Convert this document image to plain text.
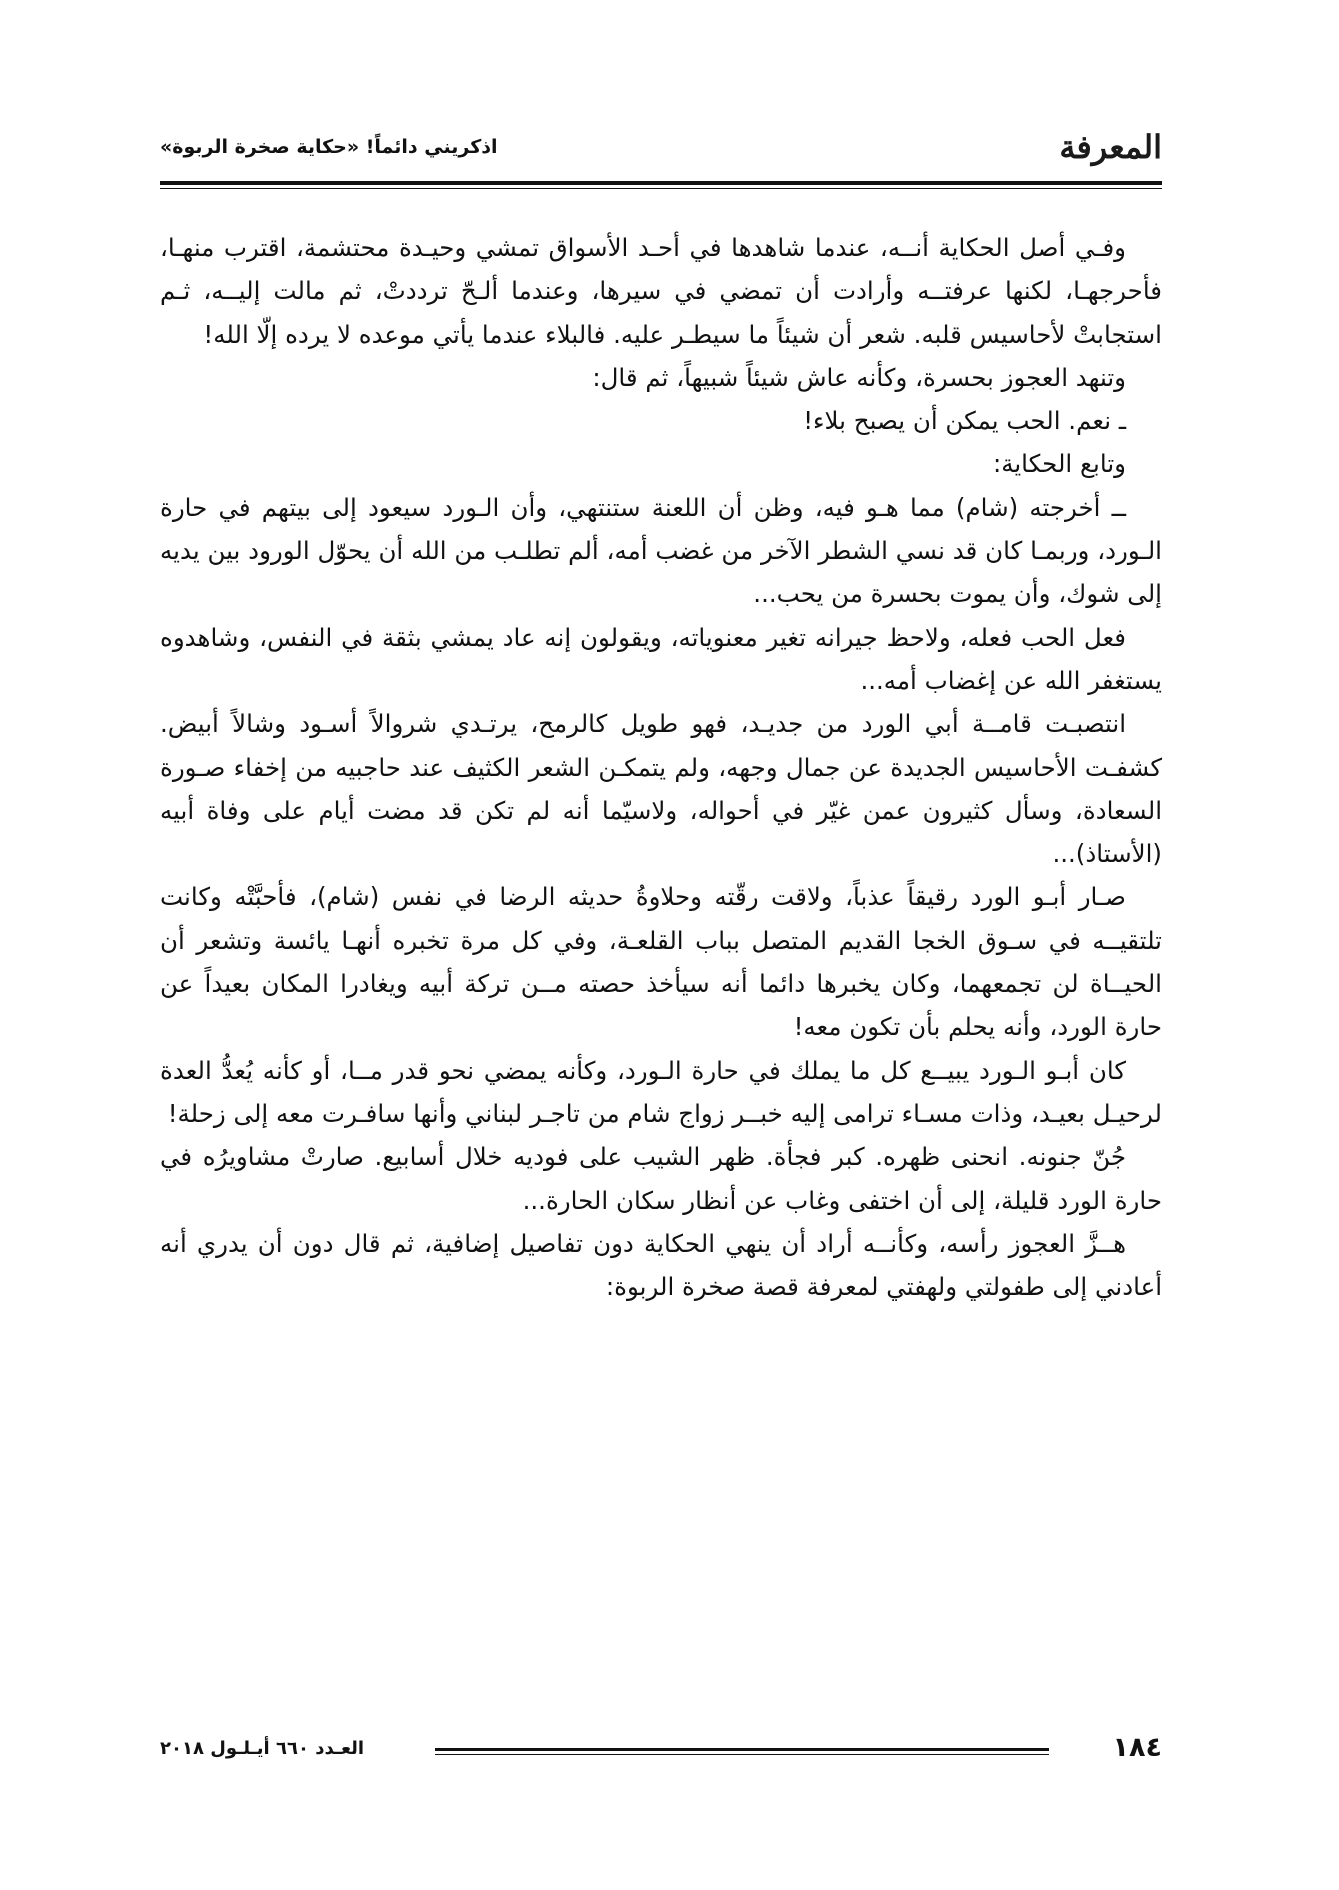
المعرفة
اذكريني دائماً! «حكاية صخرة الربوة»

وفـي أصل الحكاية أنــه، عندما شاهدها في أحـد الأسواق تمشي وحيـدة محتشمة، اقترب منهـا، فأحرجهـا، لكنها عرفتــه وأرادت أن تمضي في سيرها، وعندما ألـحّ ترددتْ، ثم مالت إليــه، ثـم استجابتْ لأحاسيس قلبه. شعر أن شيئاً ما سيطـر عليه. فالبلاء عندما يأتي موعده لا يرده إلّا الله!

وتنهد العجوز بحسرة، وكأنه عاش شيئاً شبيهاً، ثم قال:

ـ نعم. الحب يمكن أن يصبح بلاء!

وتابع الحكاية:

ــ أخرجته (شام) مما هـو فيه، وظن أن اللعنة ستنتهي، وأن الـورد سيعود إلى بيتهم في حارة الـورد، وربمـا كان قد نسي الشطر الآخر من غضب أمه، ألم تطلـب من الله أن يحوّل الورود بين يديه إلى شوك، وأن يموت بحسرة من يحب...

فعل الحب فعله، ولاحظ جيرانه تغير معنوياته، ويقولون إنه عاد يمشي بثقة في النفس، وشاهدوه يستغفر الله عن إغضاب أمه...

انتصبـت قامــة أبي الورد من جديـد، فهو طويل كالرمح، يرتـدي شروالاً أسـود وشالاً أبيض. كشفـت الأحاسيس الجديدة عن جمال وجهه، ولم يتمكـن الشعر الكثيف عند حاجبيه من إخفاء صـورة السعادة، وسأل كثيرون عمن غيّر في أحواله، ولاسيّما أنه لم تكن قد مضت أيام على وفاة أبيه (الأستاذ)...

صـار أبـو الورد رقيقاً عذباً، ولاقت رقّته وحلاوةُ حديثه الرضا في نفس (شام)، فأحبَّتْه وكانت تلتقيــه في سـوق الخجا القديم المتصل بباب القلعـة، وفي كل مرة تخبره أنهـا يائسة وتشعر أن الحيــاة لن تجمعهما، وكان يخبرها دائما أنه سيأخذ حصته مــن تركة أبيه ويغادرا المكان بعيداً عن حارة الورد، وأنه يحلم بأن تكون معه!

كان أبـو الـورد يبيــع كل ما يملك في حارة الـورد، وكأنه يمضي نحو قدر مــا، أو كأنه يُعدُّ العدة لرحيـل بعيـد، وذات مسـاء ترامى إليه خبــر زواج شام من تاجـر لبناني وأنها سافـرت معه إلى زحلة!

جُنّ جنونه. انحنى ظهره. كبر فجأة. ظهر الشيب على فوديه خلال أسابيع. صارتْ مشاويرُه في حارة الورد قليلة، إلى أن اختفى وغاب عن أنظار سكان الحارة...

هــزَّ العجوز رأسه، وكأنــه أراد أن ينهي الحكاية دون تفاصيل إضافية، ثم قال دون أن يدري أنه أعادني إلى طفولتي ولهفتي لمعرفة قصة صخرة الربوة:

١٨٤
العـدد ٦٦٠ أيـلـول ٢٠١٨
